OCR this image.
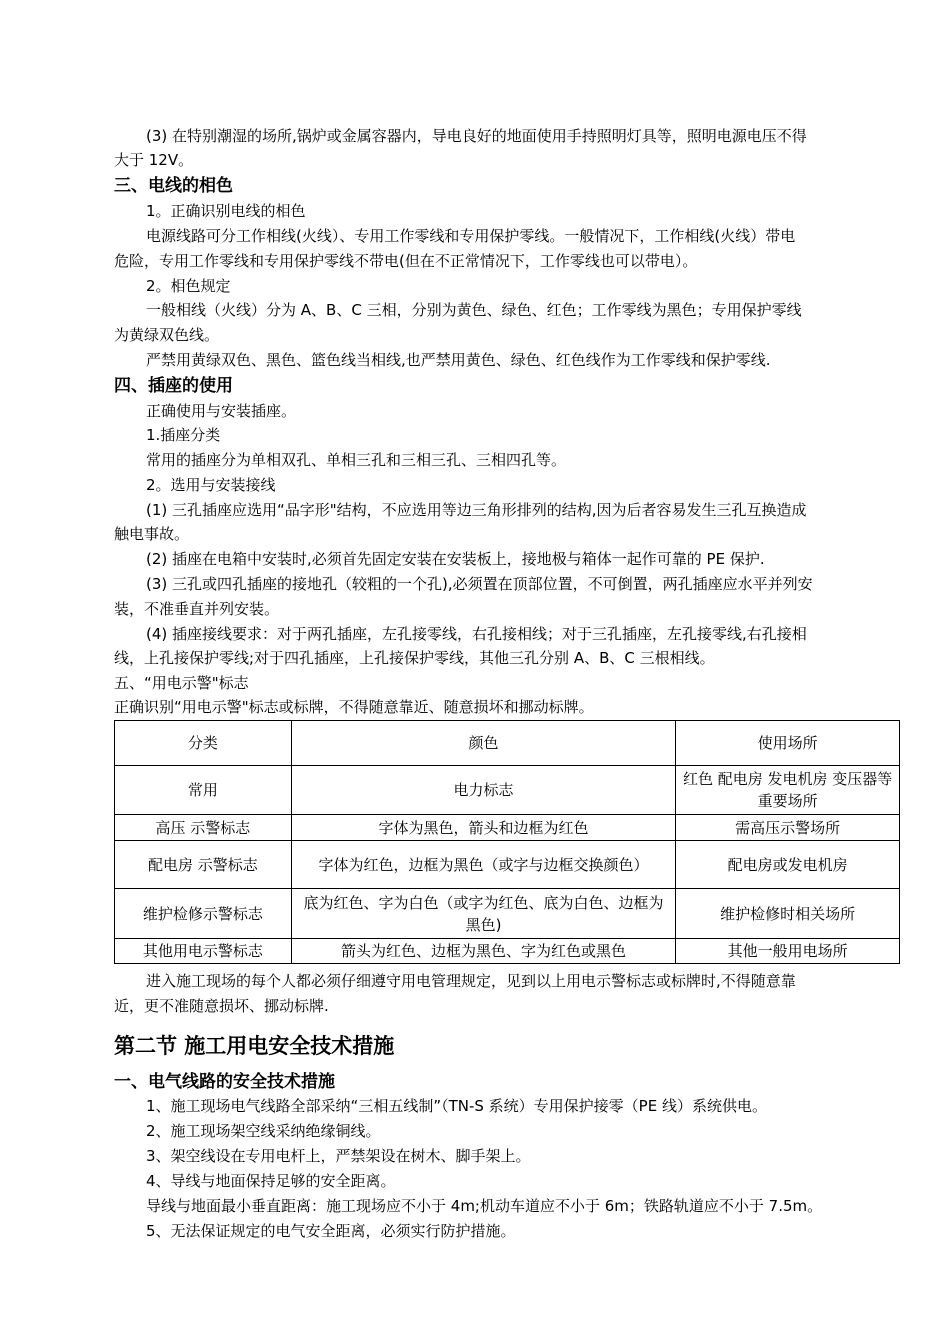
(3) 在特别潮湿的场所,锅炉或金属容器内，导电良好的地面使用手持照明灯具等，照明电源电压不得
大于 12V。
三、电线的相色
1。正确识别电线的相色
电源线路可分工作相线(火线）、专用工作零线和专用保护零线。一般情况下，工作相线(火线）带电
危险，专用工作零线和专用保护零线不带电(但在不正常情况下，工作零线也可以带电）。
2。相色规定
一般相线（火线）分为 A、B、C 三相，分别为黄色、绿色、红色；工作零线为黑色；专用保护零线
为黄绿双色线。
严禁用黄绿双色、黑色、篮色线当相线,也严禁用黄色、绿色、红色线作为工作零线和保护零线.
四、插座的使用
正确使用与安装插座。
1.插座分类
常用的插座分为单相双孔、单相三孔和三相三孔、三相四孔等。
2。选用与安装接线
(1) 三孔插座应选用“品字形"结构，不应选用等边三角形排列的结构,因为后者容易发生三孔互换造成
触电事故。
(2) 插座在电箱中安装时,必须首先固定安装在安装板上，接地极与箱体一起作可靠的 PE 保护.
(3) 三孔或四孔插座的接地孔（较粗的一个孔),必须置在顶部位置，不可倒置，两孔插座应水平并列安
装，不准垂直并列安装。
(4) 插座接线要求：对于两孔插座，左孔接零线，右孔接相线；对于三孔插座，左孔接零线,右孔接相
线，上孔接保护零线;对于四孔插座，上孔接保护零线，其他三孔分别 A、B、C 三根相线。
五、“用电示警"标志
正确识别“用电示警"标志或标牌，不得随意靠近、随意损坏和挪动标牌。
分类	颜色	使用场所
常用	电力标志	红色 配电房 发电机房 变压器等重要场所
高压 示警标志	字体为黑色，箭头和边框为红色	需高压示警场所
配电房 示警标志	字体为红色，边框为黑色（或字与边框交换颜色）	配电房或发电机房
维护检修示警标志	底为红色、字为白色（或字为红色、底为白色、边框为黑色)	维护检修时相关场所
其他用电示警标志	箭头为红色、边框为黑色、字为红色或黑色	其他一般用电场所
进入施工现场的每个人都必须仔细遵守用电管理规定，见到以上用电示警标志或标牌时,不得随意靠
近，更不准随意损坏、挪动标牌.
第二节 施工用电安全技术措施
一、电气线路的安全技术措施
1、施工现场电气线路全部采纳“三相五线制”（TN-S 系统）专用保护接零（PE 线）系统供电。
2、施工现场架空线采纳绝缘铜线。
3、架空线设在专用电杆上，严禁架设在树木、脚手架上。
4、导线与地面保持足够的安全距离。
导线与地面最小垂直距离：施工现场应不小于 4m;机动车道应不小于 6m；铁路轨道应不小于 7.5m。
5、无法保证规定的电气安全距离，必须实行防护措施。
